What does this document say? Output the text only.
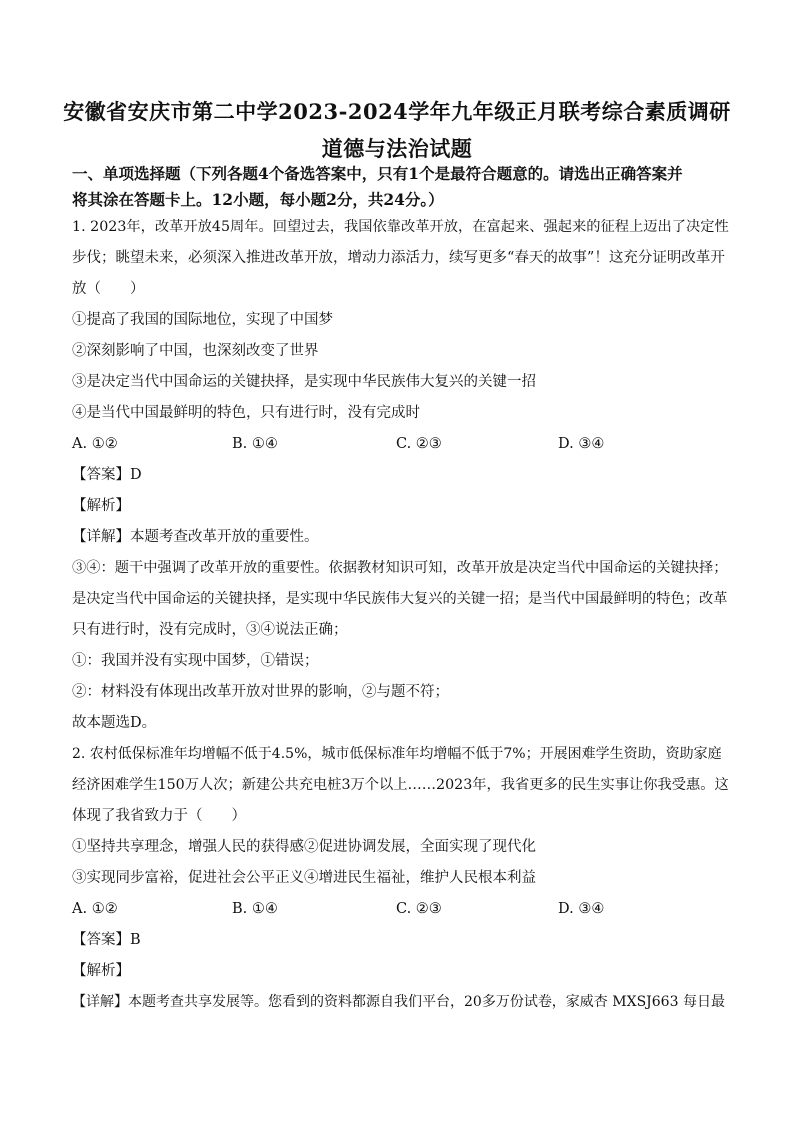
安徽省安庆市第二中学2023-2024学年九年级正月联考综合素质调研
道德与法治试题
一、单项选择题（下列各题4个备选答案中，只有1个是最符合题意的。请选出正确答案并
将其涂在答题卡上。12小题，每小题2分，共24分。）
1. 2023年，改革开放45周年。回望过去，我国依靠改革开放，在富起来、强起来的征程上迈出了决定性
步伐；眺望未来，必须深入推进改革开放，增动力添活力，续写更多“春天的故事”！这充分证明改革开
放（　　）
①提高了我国的国际地位，实现了中国梦
②深刻影响了中国，也深刻改变了世界
③是决定当代中国命运的关键抉择，是实现中华民族伟大复兴的关键一招
④是当代中国最鲜明的特色，只有进行时，没有完成时
A. ①②	B. ①④	C. ②③	D. ③④
【答案】D
【解析】
【详解】本题考查改革开放的重要性。
③④：题干中强调了改革开放的重要性。依据教材知识可知，改革开放是决定当代中国命运的关键抉择；
是决定当代中国命运的关键抉择，是实现中华民族伟大复兴的关键一招；是当代中国最鲜明的特色；改革
只有进行时，没有完成时，③④说法正确；
①：我国并没有实现中国梦，①错误；
②：材料没有体现出改革开放对世界的影响，②与题不符；
故本题选D。
2. 农村低保标准年均增幅不低于4.5%，城市低保标准年均增幅不低于7%；开展困难学生资助，资助家庭
经济困难学生150万人次；新建公共充电桩3万个以上……2023年，我省更多的民生实事让你我受惠。这
体现了我省致力于（　　）
①坚持共享理念，增强人民的获得感②促进协调发展，全面实现了现代化
③实现同步富裕，促进社会公平正义④增进民生福祉，维护人民根本利益
A. ①②	B. ①④	C. ②③	D. ③④
【答案】B
【解析】
【详解】本题考查共享发展等。您看到的资料都源自我们平台，20多万份试卷，家威杏 MXSJ663 每日最
